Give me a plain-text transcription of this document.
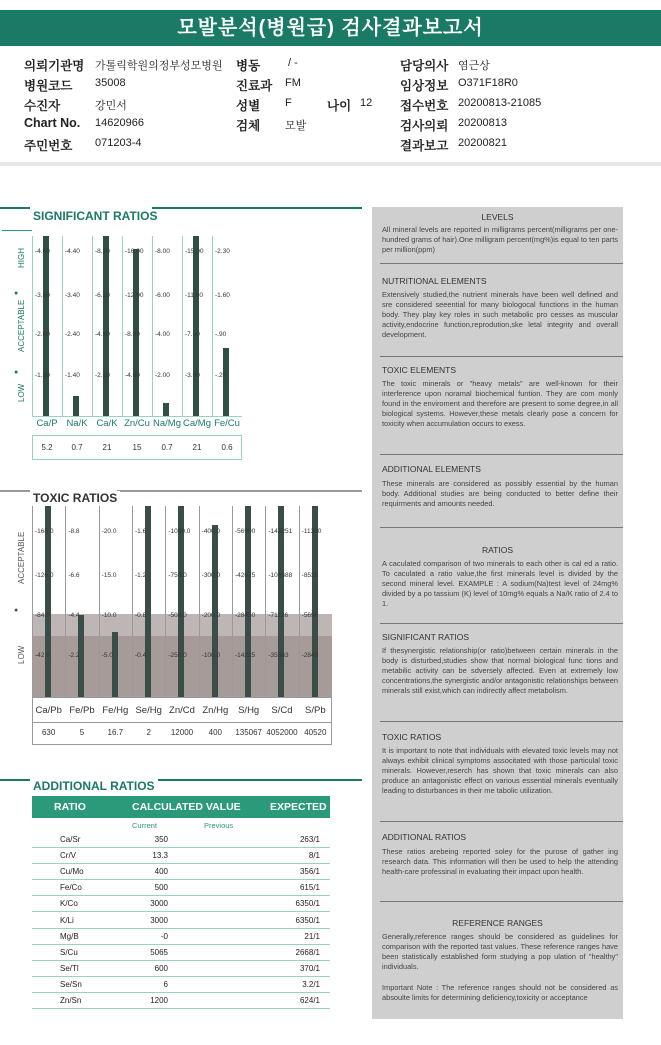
모발분석(병원급) 검사결과보고서
의뢰기관명 가톨릭학원의정부성모병원 병동	/ -	담당의사 염근상
병원코드 35008	진료과 FM	임상정보 O371F18R0
수진자	강민서	성별 F	나이 12 접수번호 20200813-21085
Chart No. 14620966	검체 모발	검사의뢰 20200813
주민번호 071203-4	결과보고 20200821
SIGNIFICANT RATIOS
HIGH
ACCEPTABLE
LOW
●
●
-4.60
-3.60
-2.60
-1.60
-4.40
-3.40
-2.40
-1.40
-8.20
-6.20
-4.20
-2.20
-16.00
-12.00
-8.00
-4.00
-8.00
-6.00
-4.00
-2.00
-15.00
-11.00
-7.00
-3.00
-2.30
-1.60
-.90
-.20
Ca/P Na/K Ca/K Zn/Cu Na/Mg Ca/Mg Fe/Cu
5.2	0.7	21	15	0.7	21	0.6
TOXIC RATIOS
ACCEPTABLE
LOW
●
-168.0
-126.0
-84.0
-42.0
-8.8
-6.6
-4.4
-2.2
-20.0
-15.0
-10.0
-5.0
-1.6
-1.2
-0.8
-0.4
-1000.0
-750.0
-500.0
-250.0
-400.0
-300.0
-200.0
-100.0
-56900
-42675
-28450
-14225
-142251
-106688
-71126
-35563
-11380
-8535
-5690
-2845
Ca/Pb Fe/Pb Fe/Hg Se/Hg Zn/Cd Zn/Hg	S/Hg	S/Cd	S/Pb
630	5	16.7	2	12000	400	135067 4052000 40520
ADDITIONAL RATIOS
RATIO	CALCULATED VALUE	EXPECTED
Current	Previous
Ca/Sr	350	263/1
Cr/V	13.3	8/1
Cu/Mo	400	356/1
Fe/Co	500	615/1
K/Co	3000	6350/1
K/Li	3000	6350/1
Mg/B	-0	21/1
S/Cu	5065	2668/1
Se/Tl	600	370/1
Se/Sn	6	3.2/1
Zn/Sn	1200	624/1
LEVELS
All mineral levels are reported in milligrams percent(milligrams per one-hundred grams of hair).One milligram percent(mg%)is equal to ten parts per million(ppm)
NUTRITIONAL ELEMENTS
Extensively studied,the nutrient minerals have been well defined and sre considered seeential for many biologocal functions in the human body. They play key roles in such metabolic pro cesses as muscular activity,endocrine function,reprodution,ske letal integrity and overall development.
TOXIC ELEMENTS
The toxic minerals or "heavy metals" are well-known for their interference upon noramal biochemical funtion. They are com monly found in the enviroment and therefore are present to some degree,in all biological systems. However,these metals clearly pose a concern for toxicity when accumulation occurs to exess.
ADDITIONAL ELEMENTS
These minerals are considered as possibly essential by the human body. Additional studies are being conducted to better define their requirments and amounts needed.
RATIOS
A caculated comparison of two minerals to each other is cal ed a ratio. To caculated a ratio value,the first minerals level is divided by the second mineral level. EXAMPLE : A sodium(Na)test level of 24mg% divided by a po tassium (K) level of 10mg% equals a Na/K ratio of 2.4 to 1.
SIGNIFICANT RATIOS
If thesynergistic relationship(or ratio)between certain minerals in the body is disturbed,studies show that normal biological func tions and metabilic activity can be sdversely affected. Even at extremely low concentrations,the synergistic and/or antagonistic relationships between minerals still exist,which can indirectly affect metabolism.
TOXIC RATIOS
It is important to note that individuals with elevated toxic levels may not always exhibit clinical symptoms associtated with those particulal toxic minerals. However,reserch has shown that toxic minerals can also produce an antagonistic effect on various essential minerals eventually leading to disturbances in their me tabolic utilization.
ADDITIONAL RATIOS
These ratios arebeing reported soley for the purose of gather ing research data. This information will then be used to help the attending health-care professinal in evaluating their impact upon health.
REFERENCE RANGES
Generally,reference ranges should be considered as guidelines for comparison with the reported tast values. These reference ranges have been statistically established form studying a pop ulation of "healthy" individuals.
Important Note : The reference ranges should not be considered as absoulte limits for determining deficiency,toxicity or acceptance
